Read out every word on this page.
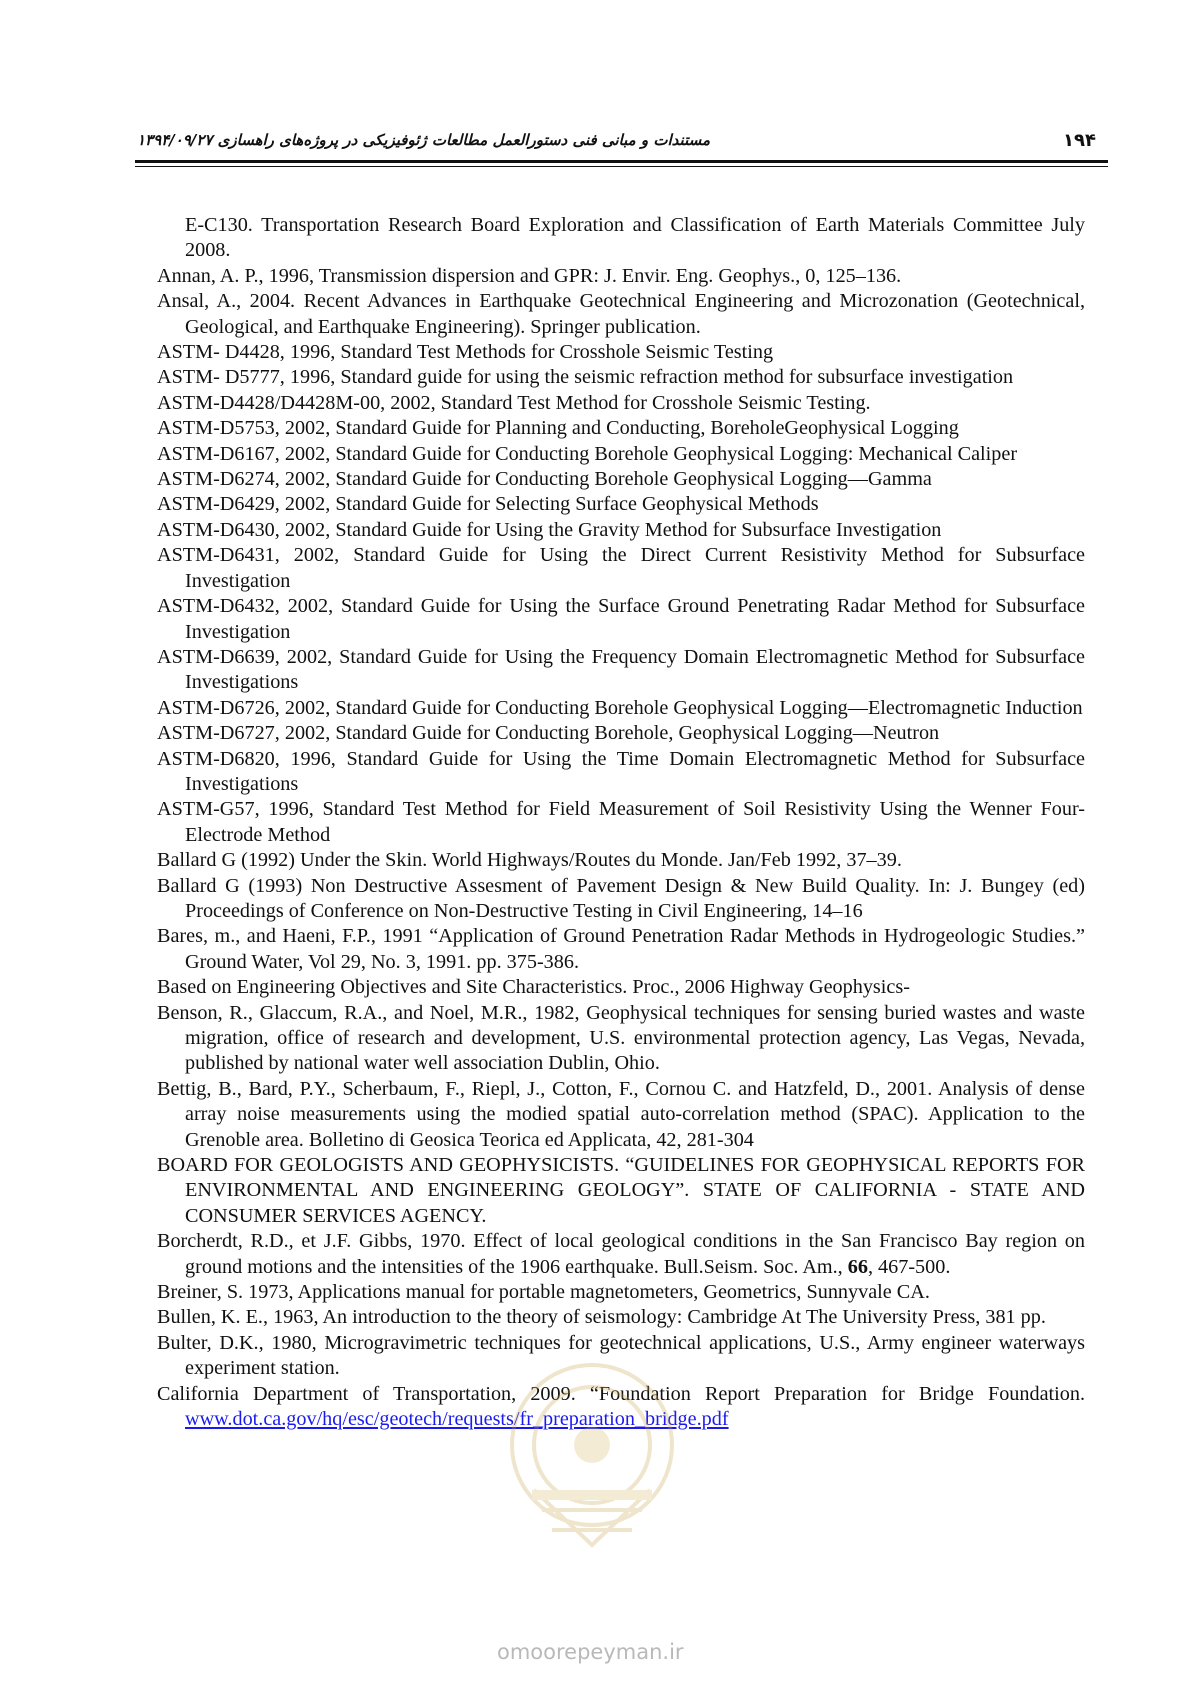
مستندات و مبانی فنی دستورالعمل مطالعات ژئوفیزیکی در پروژه‌های راهسازی ۱۳۹۴/۰۹/۲۷	۱۹۴
E-C130. Transportation Research Board Exploration and Classification of Earth Materials Committee July 2008.
Annan, A. P., 1996, Transmission dispersion and GPR: J. Envir. Eng. Geophys., 0, 125–136.
Ansal, A., 2004. Recent Advances in Earthquake Geotechnical Engineering and Microzonation (Geotechnical, Geological, and Earthquake Engineering). Springer publication.
ASTM- D4428, 1996, Standard Test Methods for Crosshole Seismic Testing
ASTM- D5777, 1996, Standard guide for using the seismic refraction method for subsurface investigation
ASTM-D4428/D4428M-00, 2002, Standard Test Method for Crosshole Seismic Testing.
ASTM-D5753, 2002, Standard Guide for Planning and Conducting, BoreholeGeophysical Logging
ASTM-D6167, 2002, Standard Guide for Conducting Borehole Geophysical Logging: Mechanical Caliper
ASTM-D6274, 2002, Standard Guide for Conducting Borehole Geophysical Logging—Gamma
ASTM-D6429, 2002, Standard Guide for Selecting Surface Geophysical Methods
ASTM-D6430, 2002, Standard Guide for Using the Gravity Method for Subsurface Investigation
ASTM-D6431, 2002, Standard Guide for Using the Direct Current Resistivity Method for Subsurface Investigation
ASTM-D6432, 2002, Standard Guide for Using the Surface Ground Penetrating Radar Method for Subsurface Investigation
ASTM-D6639, 2002, Standard Guide for Using the Frequency Domain Electromagnetic Method for Subsurface Investigations
ASTM-D6726, 2002, Standard Guide for Conducting Borehole Geophysical Logging—Electromagnetic Induction
ASTM-D6727, 2002, Standard Guide for Conducting Borehole, Geophysical Logging—Neutron
ASTM-D6820, 1996, Standard Guide for Using the Time Domain Electromagnetic Method for Subsurface Investigations
ASTM-G57, 1996, Standard Test Method for Field Measurement of Soil Resistivity Using the Wenner Four-Electrode Method
Ballard G (1992) Under the Skin. World Highways/Routes du Monde. Jan/Feb 1992, 37–39.
Ballard G (1993) Non Destructive Assesment of Pavement Design & New Build Quality. In: J. Bungey (ed) Proceedings of Conference on Non-Destructive Testing in Civil Engineering, 14–16
Bares, m., and Haeni, F.P., 1991 “Application of Ground Penetration Radar Methods in Hydrogeologic Studies.” Ground Water, Vol 29, No. 3, 1991. pp. 375-386.
Based on Engineering Objectives and Site Characteristics. Proc., 2006 Highway Geophysics-
Benson, R., Glaccum, R.A., and Noel, M.R., 1982, Geophysical techniques for sensing buried wastes and waste migration, office of research and development, U.S. environmental protection agency, Las Vegas, Nevada, published by national water well association Dublin, Ohio.
Bettig, B., Bard, P.Y., Scherbaum, F., Riepl, J., Cotton, F., Cornou C. and Hatzfeld, D., 2001. Analysis of dense array noise measurements using the modied spatial auto-correlation method (SPAC). Application to the Grenoble area. Bolletino di Geosica Teorica ed Applicata, 42, 281-304
BOARD FOR GEOLOGISTS AND GEOPHYSICISTS. “GUIDELINES FOR GEOPHYSICAL REPORTS FOR ENVIRONMENTAL AND ENGINEERING GEOLOGY”. STATE OF CALIFORNIA - STATE AND CONSUMER SERVICES AGENCY.
Borcherdt, R.D., et J.F. Gibbs, 1970. Effect of local geological conditions in the San Francisco Bay region on ground motions and the intensities of the 1906 earthquake. Bull.Seism. Soc. Am., 66, 467-500.
Breiner, S. 1973, Applications manual for portable magnetometers, Geometrics, Sunnyvale CA.
Bullen, K. E., 1963, An introduction to the theory of seismology: Cambridge At The University Press, 381 pp.
Bulter, D.K., 1980, Microgravimetric techniques for geotechnical applications, U.S., Army engineer waterways experiment station.
California Department of Transportation, 2009. “Foundation Report Preparation for Bridge Foundation. www.dot.ca.gov/hq/esc/geotech/requests/fr_preparation_bridge.pdf
omoorepeyman.ir
